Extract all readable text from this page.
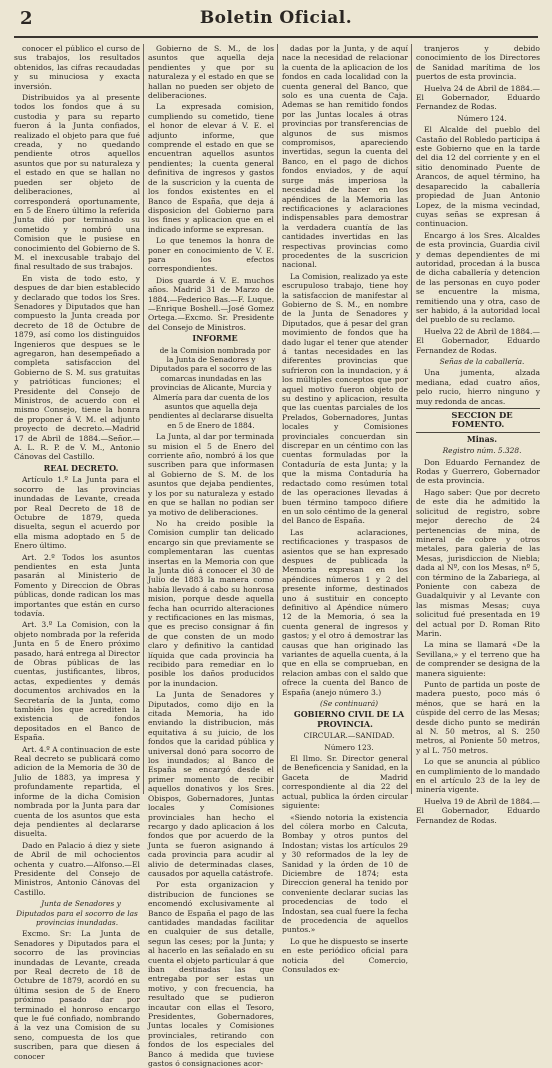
2	Boletin Oficial.

conocer el público el curso de sus trabajos, los resultados obtenidos, las cifras recaudadas y su minuciosa y exacta inversión.

Distribuidos ya al presente todos los fondos que á su custodia y para su reparto fueron á la Junta confiados, realizado el objeto para que fué creada, y no quedando pendiente otros aquellos asuntos que por su naturaleza y el estado en que se hallan no pueden ser objeto de deliberaciones, al corresponderá oportunamente, en 5 de Enero último la referida Junta dió por terminado su cometido y nombró una Comision que le pusiese en conocimiento del Gobierno de S. M. el inexcusable trabajo del final resultado de sus trabajos.

En vista de todo esto, y despues de dar bien establecido y declarado que todos los Sres. Senadores y Diputados que han compuesto la Junta creada por decreto de 18 de Octubre de 1879, así como los distinguidos Ingenieros que despues se le agregaron, han desempeñado a completa satisfaccion del Gobierno de S. M. sus gratuitas y patrióticas funciones; el Presidente del Consejo de Ministros, de acuerdo con el mismo Consejo, tiene la honra de proponer á V. M. el adjunto proyecto de decreto.—Madrid 17 de Abril de 1884.—Señor.—A. L. R. P. de V. M., Antonio Cánovas del Castillo.

REAL DECRETO.

Artículo 1.º La Junta para el socorro de las provincias inundadas de Levante, creada por Real Decreto de 18 de Octubre de 1879, queda disuelta, segun el acuerdo por ella misma adoptado en 5 de Enero último.

Art. 2.º Todos los asuntos pendientes en esta Junta pasarán al Ministerio de Fomento y Direccion de Obras públicas, donde radican los mas importantes que están en curso todavía.

Art. 3.º La Comision, con la objeto nombrada por la referida Junta en 5 de Enero próximo pasado, hará entrega al Director de Obras públicas de las cuentas, justificantes, libros, actas, expedientes y demás documentos archivados en la Secretaría de la Junta, como también los que acrediten la existencia de fondos depositados en el Banco de España.

Art. 4.º A continuacion de este Real decreto se publicará como adicion de la Memoria de 30 de Julio de 1883, ya impresa y profundamente repartida, el informe de la dicha Comision nombrada por la Junta para dar cuenta de los asuntos que esta deja pendientes al declararse disuelta.

Dado en Palacio á diez y siete de Abril de mil ochocientos ochenta y cuatro.—Alfonso.—El Presidente del Consejo de Ministros, Antonio Cánovas del Castillo.

Junta de Senadores y Diputados para el socorro de las provincias inundadas.

Excmo. Sr: La Junta de Senadores y Diputados para el socorro de las provincias inundadas de Levante, creada por Real decreto de 18 de Octubre de 1879, acordó en su última sesion de 5 de Enero próximo pasado dar por terminado el honroso encargo que le fué confiado, nombrando á la vez una Comision de su seno, compuesta de los que suscriben, para que diesen á conocer

Gobierno de S. M., de los asuntos que aquella deja pendientes y que por su naturaleza y el estado en que se hallan no pueden ser objeto de deliberaciones.

La expresada comision, cumpliendo su cometido, tiene el honor de elevar á V. E. el adjunto informe, que comprende el estado en que se encuentran aquellos asuntos pendientes; la cuenta general definitiva de ingresos y gastos de la suscricion y la cuenta de los fondos existentes en el Banco de España, que deja á disposicion del Gobierno para los fines y aplicacion que en el indicado informe se expresan.

Lo que tenemos la honra de poner en conocimiento de V. E. para los efectos correspondientes.

Dios guarde á V. E. muchos años. Madrid 31 de Marzo de 1884.—Federico Bas.—F. Luque.—Enrique Boshell.—José Gomez Ortega.—Excmo. Sr. Presidente del Consejo de Ministros.

INFORME

de la Comision nombrada por la Junta de Senadores y Diputados para el socorro de las comarcas inundadas en las provincias de Alicante, Murcia y Almería para dar cuenta de los asuntos que aquella deja pendientes al declararse disuelta en 5 de Enero de 1884.

La Junta, al dar por terminada su mision el 5 de Enero del corriente año, nombró á los que suscriben para que informasen al Gobierno de S. M. de los asuntos que dejaba pendientes, y los por su naturaleza y estado en que se hallan no podian ser ya motivo de deliberaciones.

No ha creido posible la Comision cumplir tan delicado encargo sin que previamente se complementaran las cuentas insertas en la Memoria con que la Junta dió á conocer el 30 de Julio de 1883 la manera como había llevado á cabo su honrosa mision, porque desde aquella fecha han ocurrido alteraciones y rectificaciones en las mismas, que es preciso consignar á fin de que consten de un modo claro y definitivo la cantidad líquida que cada provincia ha recibido para remediar en lo posible los daños producidos por la inundacion.

La Junta de Senadores y Diputados, como dijo en la citada Memoria, ha ido enviando la distribucion, más equitativa á su juicio, de los fondos que la caridad pública y universal donó para socorro de los inundados; al Banco de España se encargó desde el primer momento de recibir aquellos donativos y los Sres. Obispos, Gobernadores, Juntas locales y Comisiones provinciales han hecho el recargo y dado aplicacion á los fondos que por acuerdo de la Junta se fueron asignando á cada provincia para acudir al alivio de determinadas clases, causados por aquella catástrofe.

Por esta organizacion y distribucion de funciones se encomendó exclusivamente al Banco de España el pago de las cantidades mandadas facilitar en cualquier de sus detalle, segun las ceses; por la Junta; y al hacerlo en las señalado en su cuenta el objeto particular á que iban destinadas las que entregaba por ser estas un motivo, y con frecuencia, ha resultado que se pudieron incautar con ellas el Tesoro, Presidentes, Gobernadores, Juntas locales y Comisiones provinciales, retirando con fondos de los especiales del Banco á medida que tuviese gastos ó consignaciones acor-

dadas por la Junta, y de aquí nace la necesidad de relacionar la cuenta de la aplicacion de los fondos en cada localidad con la cuenta general del Banco, que solo es una cuenta de Caja. Ademas se han remitido fondos por las Juntas locales á otras provincias por transferencias de algunos de sus mismos compromisos, apareciendo invertidas, segun la cuenta del Banco, en el pago de dichos fondos enviados, y de aquí surge más imperiosa la necesidad de hacer en los apéndices de la Memoria las rectificaciones y aclaraciones indispensables para demostrar la verdadera cuantía de las cantidades invertidas en las respectivas provincias como procedentes de la suscricion nacional.

La Comision, realizado ya este escrupuloso trabajo, tiene hoy la satisfaccion de manifestar al Gobierno de S. M., en nombre de la Junta de Senadores y Diputados, que á pesar del gran movimiento de fondos que ha dado lugar el tener que atender á tantas necesidades en las diferentes provincias que sufrieron con la inundacion, y á los múltiples conceptos que por aquel motivo fueron objeto de su destino y aplicacion, resulta que las cuentas parciales de los Prelados, Gobernadores, Juntas locales y Comisiones provinciales concuerdan sin discrepar en un céntimo con las cuentas formuladas por la Contaduría de esta Junta; y la que la misma Contaduría ha redactado como resúmen total de las operaciones llevadas á buen término tampoco difiere en un solo céntimo de la general del Banco de España.

Las aclaraciones, rectificaciones y traspasos de asientos que se han expresado despues de publicada la Memoria expresan en los apéndices números 1 y 2 del presente informe, destinados uno á sustituir en concepto definitivo al Apéndice número 12 de la Memoria, ó sea la cuenta general de ingresos y gastos; y el otro á demostrar las causas que han originado las variantes de aquella cuenta, á la que en ella se comprueban, en relacion ambas con el saldo que ofrece la cuenta del Banco de España (anejo número 3.)

(Se continuará)

GOBIERNO CIVIL DE LA PROVINCIA.

CIRCULAR.—SANIDAD.

Número 123.

El Ilmo. Sr. Director general de Beneficencia y Sanidad, en la Gaceta de Madrid correspondiente al dia 22 del actual, publica la órden circular siguiente:

«Siendo notoria la existencia del cólera morbo en Calcuta, Bombay y otros puntos del Indostan; vistas los artículos 29 y 30 reformados de la ley de Sanidad y la órden de 10 de Diciembre de 1874; esta Direccion general ha tenido por conveniente declarar sucias las procedencias de todo el Indostan, sea cual fuere la fecha de procedencia de aquellos puntos.»

Lo que he dispuesto se inserte en este periódico oficial para noticia del Comercio, Consulados ex-

tranjeros y debido conocimiento de los Directores de Sanidad marítima de los puertos de esta provincia.

Huelva 24 de Abril de 1884.—El Gobernador, Eduardo Fernandez de Rodas.

Número 124.

El Alcalde del pueblo del Castaño del Robledo participa á este Gobierno que en la tarde del dia 12 del corriente y en el sitio denominado Puente de Arancos, de aquel término, ha desaparecido la caballería propiedad de Juan Antonio Lopez, de la misma vecindad, cuyas señas se expresan á continuacion.

Encargo á los Sres. Alcaldes de esta provincia, Guardia civil y demas dependientes de mi autoridad, procedan á la busca de dicha caballería y detencion de las personas en cuyo poder se encuentre la misma, remitiendo una y otra, caso de ser habido, á la autoridad local del pueblo de su reclamo.

Huelva 22 de Abril de 1884.—El Gobernador, Eduardo Fernandez de Rodas.

Señas de la caballería.

Una jumenta, alzada mediana, edad cuatro años, pelo rucio, hierro ninguno y muy redonda de ancas.

SECCION DE FOMENTO.

Minas.

Registro núm. 5.328.

Don Eduardo Fernandez de Rodas y Guerrero, Gobernador de esta provincia.

Hago saber: Que por decreto de este dia he admitido la solicitud de registro, sobre mejor derecho de 24 pertenencias de mina, de mineral de cobre y otros metales, para galeria de las Mesas, jurisdiccion de Niebla; dada al Nº, con los Mesas, nº 5, con término de la Zabariega, al Poniente con cabeza de Guadalquivir y al Levante con las mismas Mesas; cuya solicitud fué presentada en 19 del actual por D. Roman Rito Marin.

La mina se llamará «De la Sevillana,» y el terreno que ha de comprender se designa de la manera siguiente:

Punto de partida un poste de madera puesto, poco más ó ménos, que se hará en la cúspide del cerro de las Mesas; desde dicho punto se medirán al N. 50 metros, al S. 250 metros, al Poniente 50 metros, y al L. 750 metros.

Lo que se anuncia al público en cumplimiento de lo mandado en el artículo 23 de la ley de minería vigente.

Huelva 19 de Abril de 1884.—El Gobernador, Eduardo Fernandez de Rodas.
